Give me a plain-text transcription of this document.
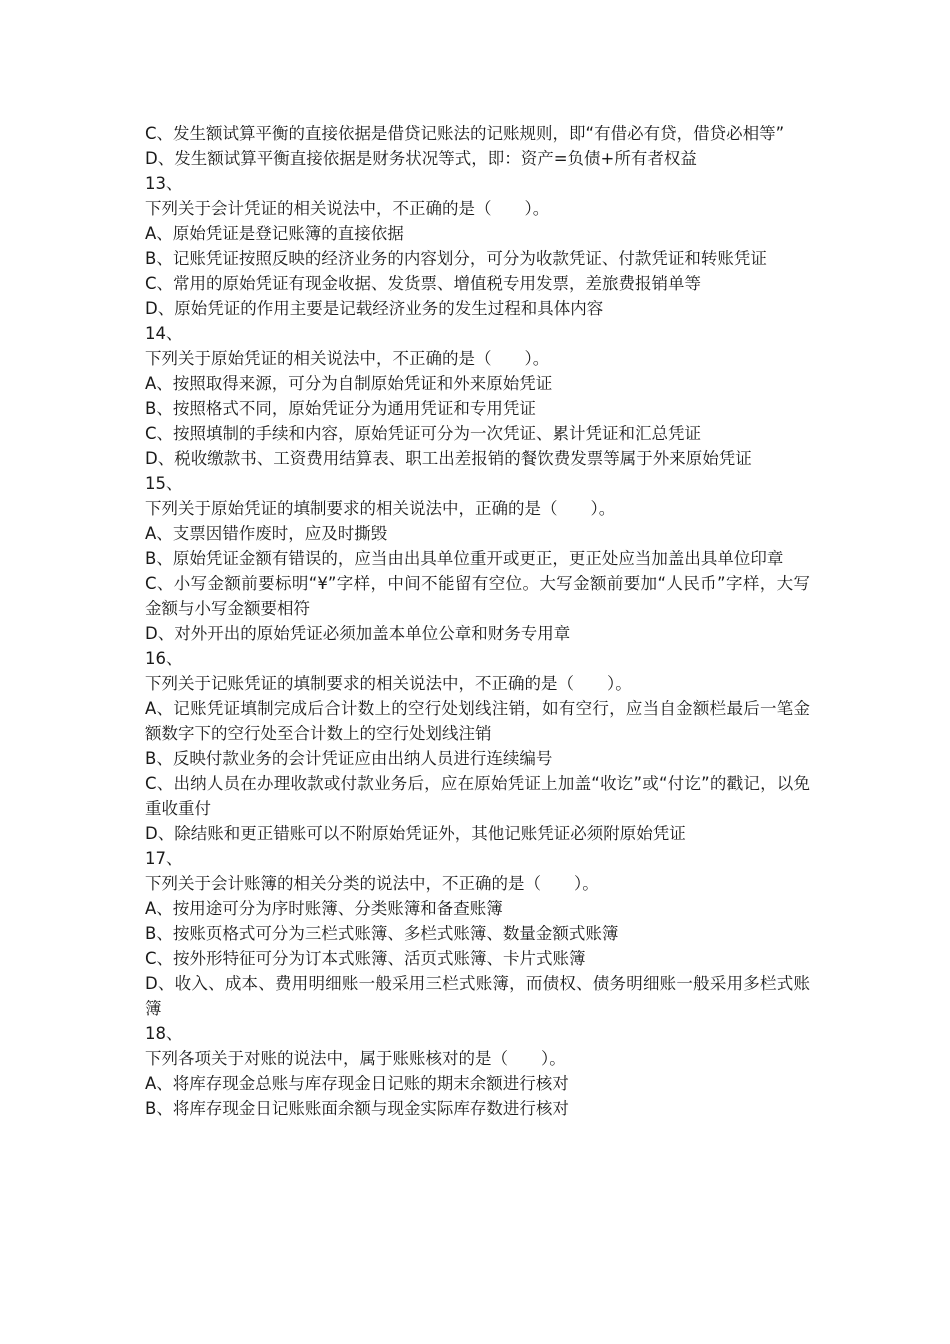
C、发生额试算平衡的直接依据是借贷记账法的记账规则，即“有借必有贷，借贷必相等”

D、发生额试算平衡直接依据是财务状况等式，即：资产=负债+所有者权益

13、

下列关于会计凭证的相关说法中，不正确的是（　　）。

A、原始凭证是登记账簿的直接依据

B、记账凭证按照反映的经济业务的内容划分，可分为收款凭证、付款凭证和转账凭证

C、常用的原始凭证有现金收据、发货票、增值税专用发票，差旅费报销单等

D、原始凭证的作用主要是记载经济业务的发生过程和具体内容

14、

下列关于原始凭证的相关说法中，不正确的是（　　）。

A、按照取得来源，可分为自制原始凭证和外来原始凭证

B、按照格式不同，原始凭证分为通用凭证和专用凭证

C、按照填制的手续和内容，原始凭证可分为一次凭证、累计凭证和汇总凭证

D、税收缴款书、工资费用结算表、职工出差报销的餐饮费发票等属于外来原始凭证

15、

下列关于原始凭证的填制要求的相关说法中，正确的是（　　）。

A、支票因错作废时，应及时撕毁

B、原始凭证金额有错误的，应当由出具单位重开或更正，更正处应当加盖出具单位印章

C、小写金额前要标明“¥”字样，中间不能留有空位。大写金额前要加“人民币”字样，大写金额与小写金额要相符

D、对外开出的原始凭证必须加盖本单位公章和财务专用章

16、

下列关于记账凭证的填制要求的相关说法中，不正确的是（　　）。

A、记账凭证填制完成后合计数上的空行处划线注销，如有空行，应当自金额栏最后一笔金额数字下的空行处至合计数上的空行处划线注销

B、反映付款业务的会计凭证应由出纳人员进行连续编号

C、出纳人员在办理收款或付款业务后，应在原始凭证上加盖“收讫”或“付讫”的戳记，以免重收重付

D、除结账和更正错账可以不附原始凭证外，其他记账凭证必须附原始凭证

17、

下列关于会计账簿的相关分类的说法中，不正确的是（　　）。

A、按用途可分为序时账簿、分类账簿和备查账簿

B、按账页格式可分为三栏式账簿、多栏式账簿、数量金额式账簿

C、按外形特征可分为订本式账簿、活页式账簿、卡片式账簿

D、收入、成本、费用明细账一般采用三栏式账簿，而债权、债务明细账一般采用多栏式账簿

18、

下列各项关于对账的说法中，属于账账核对的是（　　）。

A、将库存现金总账与库存现金日记账的期末余额进行核对

B、将库存现金日记账账面余额与现金实际库存数进行核对
